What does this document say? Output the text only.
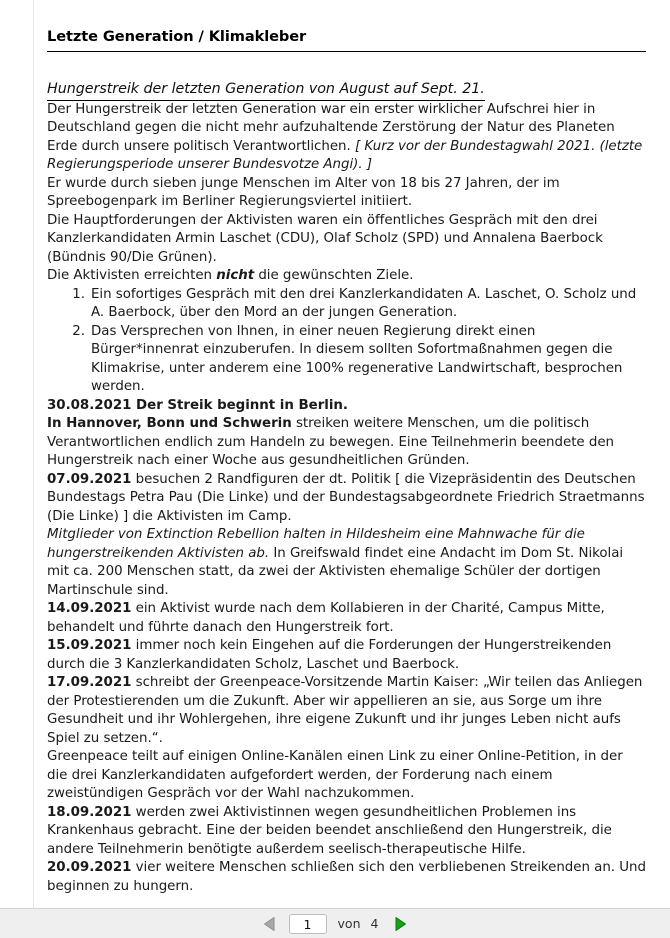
Letzte Generation / Klimakleber
Hungerstreik der letzten Generation von August auf Sept. 21.

Der Hungerstreik der letzten Generation war ein erster wirklicher Aufschrei hier in Deutschland gegen die nicht mehr aufzuhaltende Zerstörung der Natur des Planeten Erde durch unsere politisch Verantwortlichen. [ Kurz vor der Bundestagwahl 2021. (letzte Regierungsperiode unserer Bundesvotze Angi). ]

Er wurde durch sieben junge Menschen im Alter von 18 bis 27 Jahren, der im Spreebogenpark im Berliner Regierungsviertel initiiert.

Die Hauptforderungen der Aktivisten waren ein öffentliches Gespräch mit den drei Kanzlerkandidaten Armin Laschet (CDU), Olaf Scholz (SPD) und Annalena Baerbock (Bündnis 90/Die Grünen).

Die Aktivisten erreichten nicht die gewünschten Ziele.

Ein sofortiges Gespräch mit den drei Kanzlerkandidaten A. Laschet, O. Scholz und A. Baerbock, über den Mord an der jungen Generation.
Das Versprechen von Ihnen, in einer neuen Regierung direkt einen Bürger*innenrat einzuberufen. In diesem sollten Sofortmaßnahmen gegen die Klimakrise, unter anderem eine 100% regenerative Landwirtschaft, besprochen werden.

30.08.2021 Der Streik beginnt in Berlin.

In Hannover, Bonn und Schwerin streiken weitere Menschen, um die politisch Verantwortlichen endlich zum Handeln zu bewegen. Eine Teilnehmerin beendete den Hungerstreik nach einer Woche aus gesundheitlichen Gründen.

07.09.2021 besuchen 2 Randfiguren der dt. Politik [ die Vizepräsidentin des Deutschen Bundestags Petra Pau (Die Linke) und der Bundestagsabgeordnete Friedrich Straetmanns (Die Linke) ] die Aktivisten im Camp.

Mitglieder von Extinction Rebellion halten in Hildesheim eine Mahnwache für die hungerstreikenden Aktivisten ab. In Greifswald findet eine Andacht im Dom St. Nikolai mit ca. 200 Menschen statt, da zwei der Aktivisten ehemalige Schüler der dortigen Martinschule sind.

14.09.2021 ein Aktivist wurde nach dem Kollabieren in der Charité, Campus Mitte, behandelt und führte danach den Hungerstreik fort.

15.09.2021 immer noch kein Eingehen auf die Forderungen der Hungerstreikenden durch die 3 Kanzlerkandidaten Scholz, Laschet und Baerbock.

17.09.2021 schreibt der Greenpeace-Vorsitzende Martin Kaiser: „Wir teilen das Anliegen der Protestierenden um die Zukunft. Aber wir appellieren an sie, aus Sorge um ihre Gesundheit und ihr Wohlergehen, ihre eigene Zukunft und ihr junges Leben nicht aufs Spiel zu setzen.“.

Greenpeace teilt auf einigen Online-Kanälen einen Link zu einer Online-Petition, in der die drei Kanzlerkandidaten aufgefordert werden, der Forderung nach einem zweistündigen Gespräch vor der Wahl nachzukommen.

18.09.2021 werden zwei Aktivistinnen wegen gesundheitlichen Problemen ins Krankenhaus gebracht. Eine der beiden beendet anschließend den Hungerstreik, die andere Teilnehmerin benötigte außerdem seelisch-therapeutische Hilfe.

20.09.2021 vier weitere Menschen schließen sich den verbliebenen Streikenden an. Und beginnen zu hungern.

1	von 4
